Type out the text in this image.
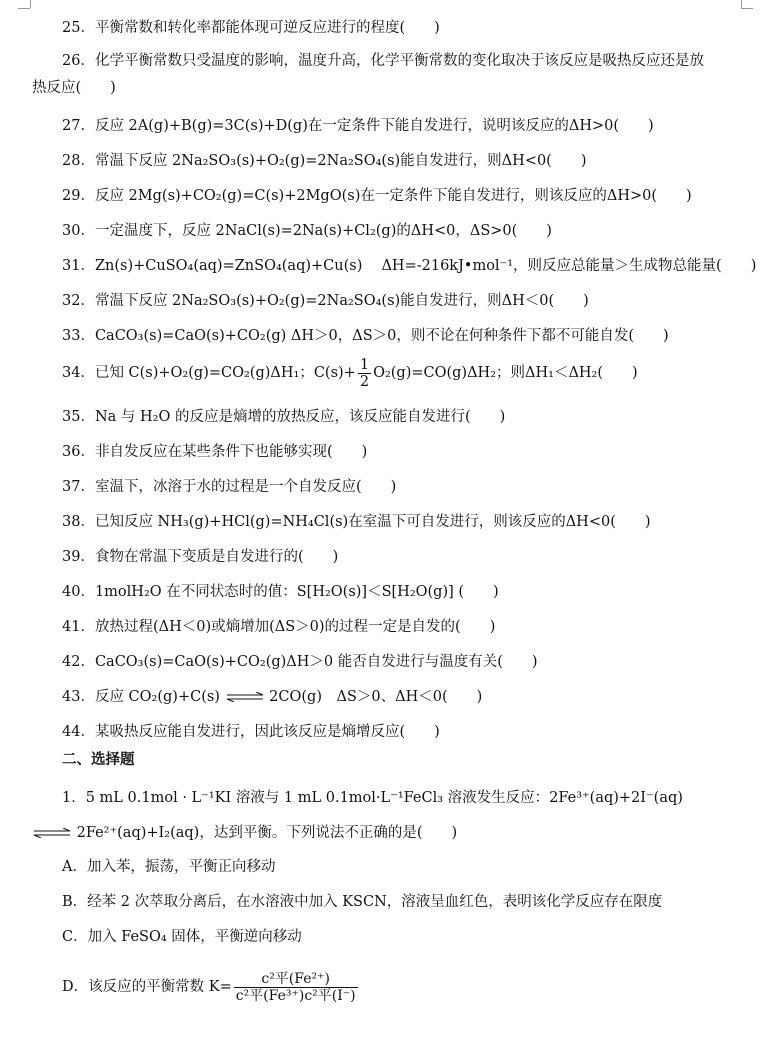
25．平衡常数和转化率都能体现可逆反应进行的程度(　　)
26．化学平衡常数只受温度的影响，温度升高，化学平衡常数的变化取决于该反应是吸热反应还是放
热反应(　　)
27．反应 2A(g)+B(g)=3C(s)+D(g)在一定条件下能自发进行，说明该反应的ΔH>0(　　)
28．常温下反应 2Na₂SO₃(s)+O₂(g)=2Na₂SO₄(s)能自发进行，则ΔH<0(　　)
29．反应 2Mg(s)+CO₂(g)=C(s)+2MgO(s)在一定条件下能自发进行，则该反应的ΔH>0(　　)
30．一定温度下，反应 2NaCl(s)=2Na(s)+Cl₂(g)的ΔH<0，ΔS>0(　　)
31．Zn(s)+CuSO₄(aq)=ZnSO₄(aq)+Cu(s)　 ΔH=-216kJ•mol⁻¹，则反应总能量＞生成物总能量(　　)
32．常温下反应 2Na₂SO₃(s)+O₂(g)=2Na₂SO₄(s)能自发进行，则ΔH＜0(　　)
33．CaCO₃(s)=CaO(s)+CO₂(g) ΔH＞0，ΔS＞0，则不论在何种条件下都不可能自发(　　)
34．已知 C(s)+O₂(g)=CO₂(g)ΔH₁；$C(s)+ \frac{1}{2} O_2(g)=CO(g)\Delta H_2$；则ΔH₁＜ΔH₂(　　)
35．Na 与 H₂O 的反应是熵增的放热反应，该反应能自发进行(　　)
36．非自发反应在某些条件下也能够实现(　　)
37．室温下，冰溶于水的过程是一个自发反应(　　)
38．已知反应 NH₃(g)+HCl(g)=NH₄Cl(s)在室温下可自发进行，则该反应的ΔH<0(　　)
39．食物在常温下变质是自发进行的(　　)
40．1molH₂O 在不同状态时的值：S[H₂O(s)]＜S[H₂O(g)] (　　)
41．放热过程(ΔH＜0)或熵增加(ΔS＞0)的过程一定是自发的(　　)
42．CaCO₃(s)=CaO(s)+CO₂(g)ΔH＞0 能否自发进行与温度有关(　　)
43．反应 CO₂(g)+C(s) ⇌ 2CO(g)　ΔS＞0、ΔH＜0(　　)
44．某吸热反应能自发进行，因此该反应是熵增反应(　　)
二、选择题
1．5 mL 0.1mol · L⁻¹KI 溶液与 1 mL 0.1mol·L⁻¹FeCl₃ 溶液发生反应：2Fe³⁺(aq)+2I⁻(aq)
⇌ 2Fe²⁺(aq)+I₂(aq)，达到平衡。下列说法不正确的是(　　)
A．加入苯，振荡，平衡正向移动
B．经苯 2 次萃取分离后，在水溶液中加入 KSCN，溶液呈血红色，表明该化学反应存在限度
C．加入 FeSO₄ 固体，平衡逆向移动
D．该反应的平衡常数 $K= \frac{\text{c²平(Fe²⁺)}}{\text{c²平(Fe³⁺)c²平(I⁻)}}$
